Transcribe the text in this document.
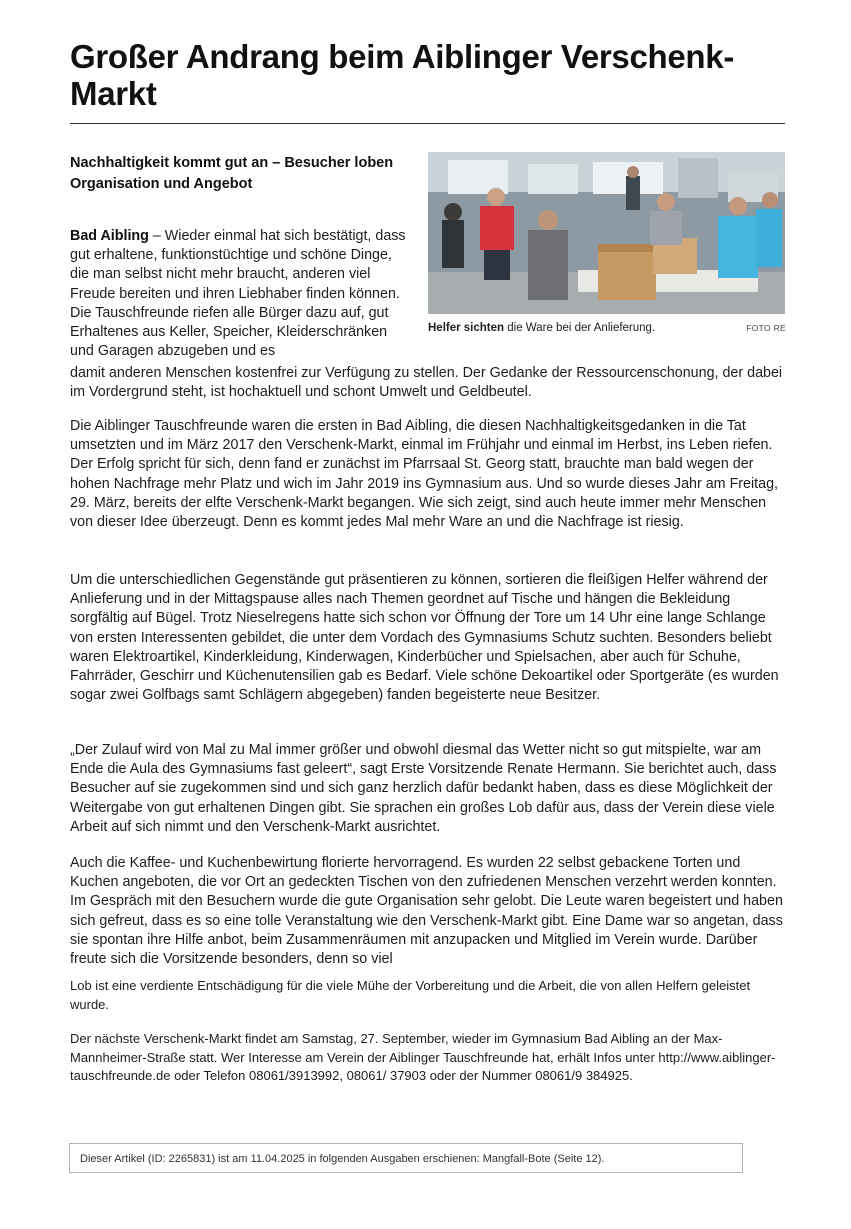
Großer Andrang beim Aiblinger Verschenk-Markt
Nachhaltigkeit kommt gut an – Besucher loben Organisation und Angebot
Helfer sichten die Ware bei der Anlieferung.	FOTO RE

Bad Aibling – Wieder einmal hat sich bestätigt, dass gut erhaltene, funktionstüchtige und schöne Dinge, die man selbst nicht mehr braucht, anderen viel Freude bereiten und ihren Liebhaber finden können. Die Tauschfreunde riefen alle Bürger dazu auf, gut Erhaltenes aus Keller, Speicher, Kleiderschränken und Garagen abzugeben und es

damit anderen Menschen kostenfrei zur Verfügung zu stellen. Der Gedanke der Ressourcenschonung, der dabei im Vordergrund steht, ist hochaktuell und schont Umwelt und Geldbeutel.

Die Aiblinger Tauschfreunde waren die ersten in Bad Aibling, die diesen Nachhaltigkeitsgedanken in die Tat umsetzten und im März 2017 den Verschenk-Markt, einmal im Frühjahr und einmal im Herbst, ins Leben riefen. Der Erfolg spricht für sich, denn fand er zunächst im Pfarrsaal St. Georg statt, brauchte man bald wegen der hohen Nachfrage mehr Platz und wich im Jahr 2019 ins Gymnasium aus. Und so wurde dieses Jahr am Freitag, 29. März, bereits der elfte Verschenk-Markt begangen. Wie sich zeigt, sind auch heute immer mehr Menschen von dieser Idee überzeugt. Denn es kommt jedes Mal mehr Ware an und die Nachfrage ist riesig.

Um die unterschiedlichen Gegenstände gut präsentieren zu können, sortieren die fleißigen Helfer während der Anlieferung und in der Mittagspause alles nach Themen geordnet auf Tische und hängen die Bekleidung sorgfältig auf Bügel. Trotz Nieselregens hatte sich schon vor Öffnung der Tore um 14 Uhr eine lange Schlange von ersten Interessenten gebildet, die unter dem Vordach des Gymnasiums Schutz suchten. Besonders beliebt waren Elektroartikel, Kinderkleidung, Kinderwagen, Kinderbücher und Spielsachen, aber auch für Schuhe, Fahrräder, Geschirr und Küchenutensilien gab es Bedarf. Viele schöne Dekoartikel oder Sportgeräte (es wurden sogar zwei Golfbags samt Schlägern abgegeben) fanden begeisterte neue Besitzer.

„Der Zulauf wird von Mal zu Mal immer größer und obwohl diesmal das Wetter nicht so gut mitspielte, war am Ende die Aula des Gymnasiums fast geleert“, sagt Erste Vorsitzende Renate Hermann. Sie berichtet auch, dass Besucher auf sie zugekommen sind und sich ganz herzlich dafür bedankt haben, dass es diese Möglichkeit der Weitergabe von gut erhaltenen Dingen gibt. Sie sprachen ein großes Lob dafür aus, dass der Verein diese viele Arbeit auf sich nimmt und den Verschenk-Markt ausrichtet.

Auch die Kaffee- und Kuchenbewirtung florierte hervorragend. Es wurden 22 selbst gebackene Torten und Kuchen angeboten, die vor Ort an gedeckten Tischen von den zufriedenen Menschen verzehrt werden konnten. Im Gespräch mit den Besuchern wurde die gute Organisation sehr gelobt. Die Leute waren begeistert und haben sich gefreut, dass es so eine tolle Veranstaltung wie den Verschenk-Markt gibt. Eine Dame war so angetan, dass sie spontan ihre Hilfe anbot, beim Zusammenräumen mit anzupacken und Mitglied im Verein wurde. Darüber freute sich die Vorsitzende besonders, denn so viel

Lob ist eine verdiente Entschädigung für die viele Mühe der Vorbereitung und die Arbeit, die von allen Helfern geleistet wurde.

Der nächste Verschenk-Markt findet am Samstag, 27. September, wieder im Gymnasium Bad Aibling an der Max-Mannheimer-Straße statt. Wer Interesse am Verein der Aiblinger Tauschfreunde hat, erhält Infos unter http://www.aiblinger-tauschfreunde.de oder Telefon 08061/3913992, 08061/ 37903 oder der Nummer 08061/9 384925.

Dieser Artikel (ID: 2265831) ist am 11.04.2025 in folgenden Ausgaben erschienen: Mangfall-Bote (Seite 12).
